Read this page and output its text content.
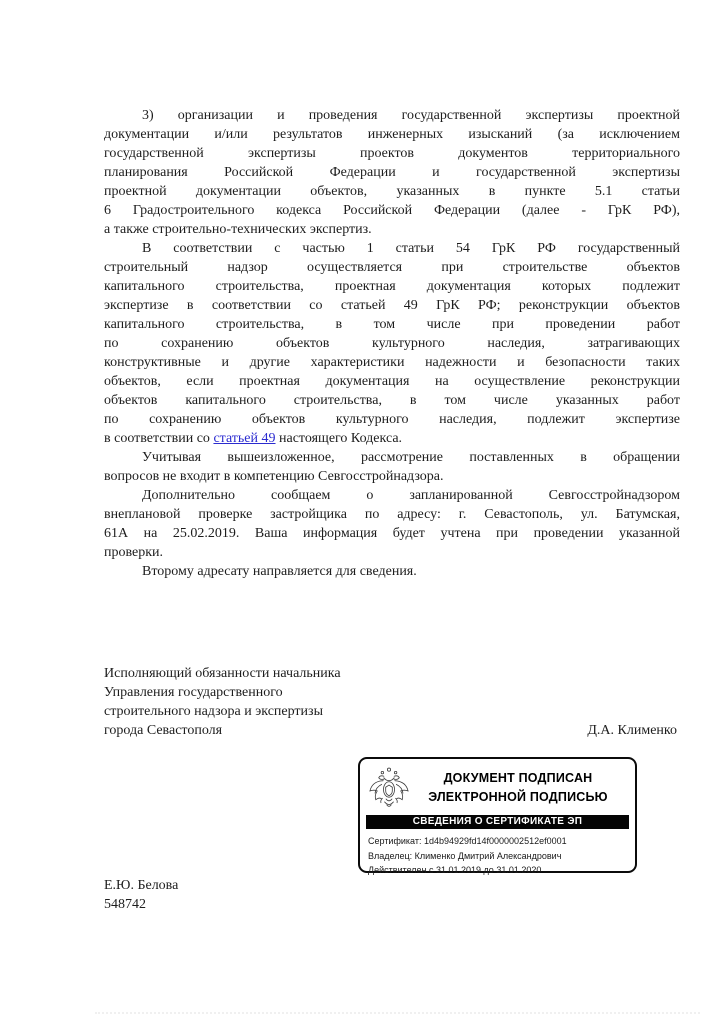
3) организации и проведения государственной экспертизы проектной
документации и/или результатов инженерных изысканий (за исключением
государственной экспертизы проектов документов территориального
планирования Российской Федерации и государственной экспертизы
проектной документации объектов, указанных в пункте 5.1 статьи
6 Градостроительного кодекса Российской Федерации (далее - ГрК РФ),
а также строительно-технических экспертиз.
В соответствии с частью 1 статьи 54 ГрК РФ государственный
строительный надзор осуществляется при строительстве объектов
капитального строительства, проектная документация которых подлежит
экспертизе в соответствии со статьей 49 ГрК РФ; реконструкции объектов
капитального строительства, в том числе при проведении работ
по сохранению объектов культурного наследия, затрагивающих
конструктивные и другие характеристики надежности и безопасности таких
объектов, если проектная документация на осуществление реконструкции
объектов капитального строительства, в том числе указанных работ
по сохранению объектов культурного наследия, подлежит экспертизе
в соответствии со статьей 49 настоящего Кодекса.
Учитывая вышеизложенное, рассмотрение поставленных в обращении
вопросов не входит в компетенцию Севгосстройнадзора.
Дополнительно сообщаем о запланированной Севгосстройнадзором
внеплановой проверке застройщика по адресу: г. Севастополь, ул. Батумская,
61А на 25.02.2019. Ваша информация будет учтена при проведении указанной
проверки.
Второму адресату направляется для сведения.
Исполняющий обязанности начальника
Управления государственного
строительного надзора и экспертизы
города Севастополя	Д.А. Клименко
ДОКУМЕНТ ПОДПИСАН
ЭЛЕКТРОННОЙ ПОДПИСЬЮ
СВЕДЕНИЯ О СЕРТИФИКАТЕ ЭП
Сертификат: 1d4b94929fd14f0000002512ef0001
Владелец: Клименко Дмитрий Александрович
Действителен с 31.01.2019 до 31.01.2020
Е.Ю. Белова
548742
